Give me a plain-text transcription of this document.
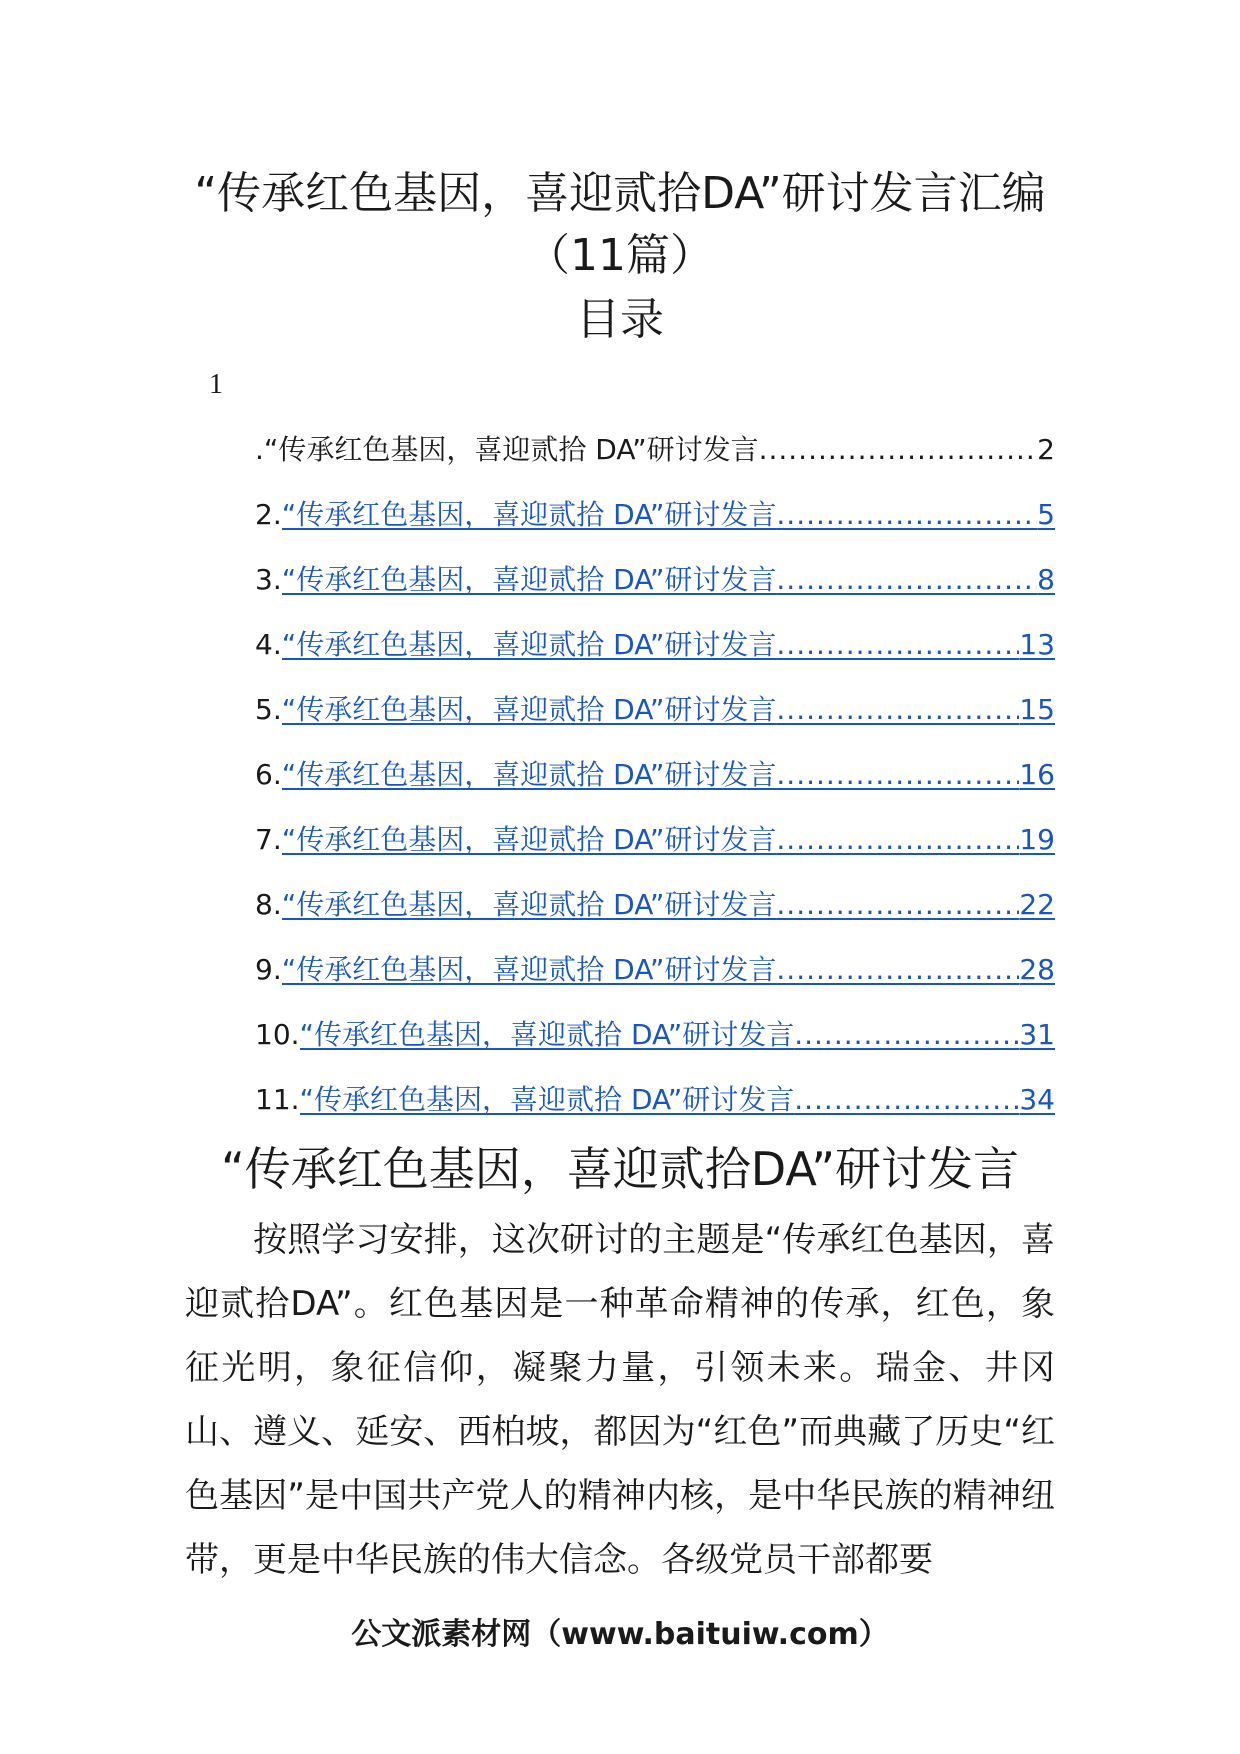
“传承红色基因，喜迎贰拾DA”研讨发言汇编（11篇）
目录
1
.“传承红色基因，喜迎贰拾 DA”研讨发言 .....	2
2. “传承红色基因，喜迎贰拾 DA”研讨发言 .....	5
3. “传承红色基因，喜迎贰拾 DA”研讨发言 .....	8
4. “传承红色基因，喜迎贰拾 DA”研讨发言 .....	13
5. “传承红色基因，喜迎贰拾 DA”研讨发言 .....	15
6. “传承红色基因，喜迎贰拾 DA”研讨发言 .....	16
7. “传承红色基因，喜迎贰拾 DA”研讨发言 .....	19
8. “传承红色基因，喜迎贰拾 DA”研讨发言 .....	22
9. “传承红色基因，喜迎贰拾 DA”研讨发言 .....	28
10. “传承红色基因，喜迎贰拾 DA”研讨发言 .....	31
11. “传承红色基因，喜迎贰拾 DA”研讨发言 .....	34
“传承红色基因，喜迎贰拾DA”研讨发言

按照学习安排，这次研讨的主题是“传承红色基因，喜迎贰拾DA”。红色基因是一种革命精神的传承，红色，象征光明，象征信仰，凝聚力量，引领未来。瑞金、井冈山、遵义、延安、西柏坡，都因为“红色”而典藏了历史“红色基因”是中国共产党人的精神内核，是中华民族的精神纽带，更是中华民族的伟大信念。各级党员干部都要

公文派素材网（www.baituiw.com）
